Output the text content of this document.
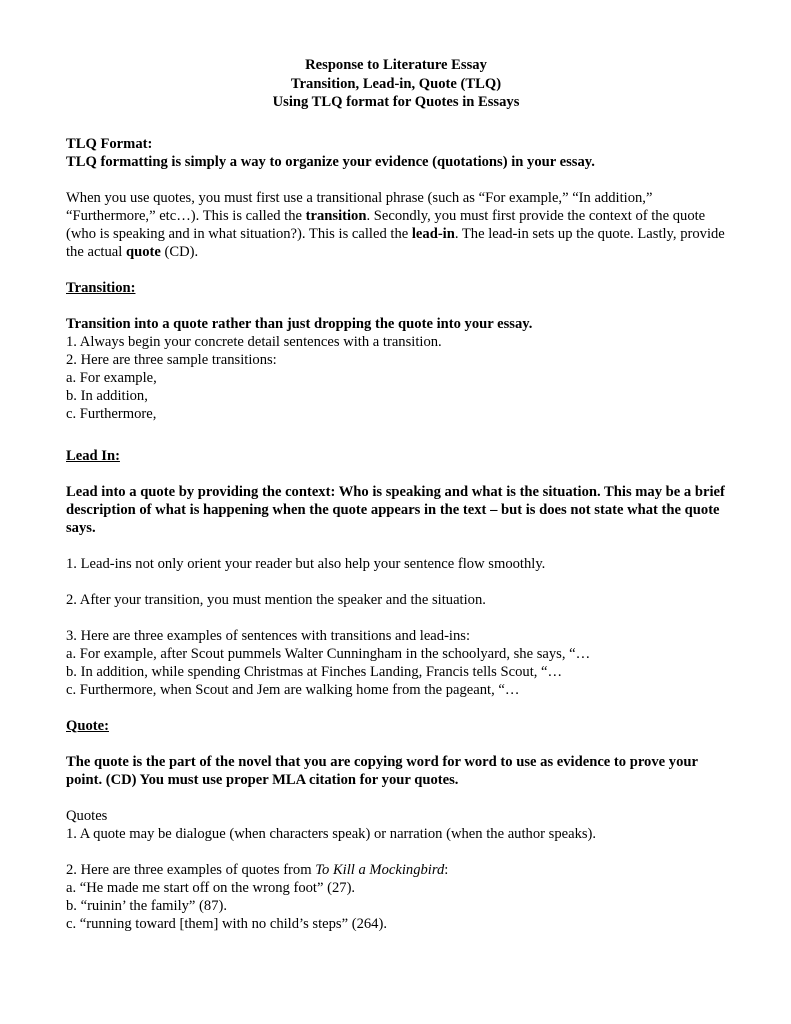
Response to Literature Essay
Transition, Lead-in, Quote (TLQ)
Using TLQ format for Quotes in Essays

TLQ Format:

TLQ formatting is simply a way to organize your evidence (quotations) in your essay.

When you use quotes, you must first use a transitional phrase (such as “For example,” “In addition,” “Furthermore,” etc…). This is called the transition. Secondly, you must first provide the context of the quote (who is speaking and in what situation?). This is called the lead-in. The lead-in sets up the quote. Lastly, provide the actual quote (CD).

Transition:

Transition into a quote rather than just dropping the quote into your essay.

1. Always begin your concrete detail sentences with a transition.

2. Here are three sample transitions:

a. For example,

b. In addition,

c. Furthermore,

Lead In:

Lead into a quote by providing the context: Who is speaking and what is the situation. This may be a brief description of what is happening when the quote appears in the text – but is does not state what the quote says.

1. Lead-ins not only orient your reader but also help your sentence flow smoothly.

2. After your transition, you must mention the speaker and the situation.

3. Here are three examples of sentences with transitions and lead-ins:

a. For example, after Scout pummels Walter Cunningham in the schoolyard, she says, “…

b. In addition, while spending Christmas at Finches Landing, Francis tells Scout, “…

c. Furthermore, when Scout and Jem are walking home from the pageant, “…

Quote:

The quote is the part of the novel that you are copying word for word to use as evidence to prove your point. (CD) You must use proper MLA citation for your quotes.

Quotes

1. A quote may be dialogue (when characters speak) or narration (when the author speaks).

2. Here are three examples of quotes from To Kill a Mockingbird:

a. “He made me start off on the wrong foot” (27).

b. “ruinin’ the family” (87).

c. “running toward [them] with no child’s steps” (264).
